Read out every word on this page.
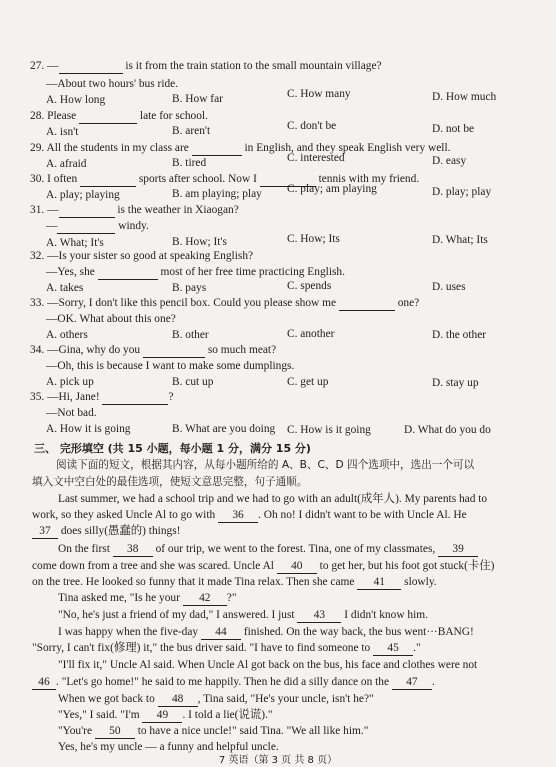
27. —	is it from the train station to the small mountain village?
—About two hours' bus ride.
A. How long	B. How far	C. How many	D. How much
28. Please	late for school.
A. isn't	B. aren't	C. don't be	D. not be
29. All the students in my class are	in English, and they speak English very well.
A. afraid	B. tired	C. interested	D. easy
30. I often	sports after school. Now I	tennis with my friend.
A. play; playing	B. am playing; play C. play; am playing	D. play; play
31. —	is the weather in Xiaogan?
—	windy.
A. What; It's	B. How; It's	C. How; Its	D. What; Its
32. —Is your sister so good at speaking English?
—Yes, she	most of her free time practicing English.
A. takes	B. pays	C. spends	D. uses
33. —Sorry, I don't like this pencil box. Could you please show me	one?
—OK. What about this one?
A. others	B. other	C. another	D. the other
34. —Gina, why do you	so much meat?
—Oh, this is because I want to make some dumplings.
A. pick up	B. cut up	C. get up	D. stay up
35. —Hi, Jane!	?
—Not bad.
A. How it is going	B. What are you doing C. How is it going	D. What do you do
三、 完形填空 (共 15 小题，每小题 1 分，满分 15 分)
阅读下面的短文，根据其内容，从每小题所给的 A、B、C、D 四个选项中，选出一个可以
填入文中空白处的最佳选项，使短文意思完整，句子通顺。
Last summer, we had a school trip and we had to go with an adult(成年人). My parents had to
work, so they asked Uncle Al to go with 36 . Oh no! I didn't want to be with Uncle Al. He
37 does silly(愚蠢的) things!
On the first 38 of our trip, we went to the forest. Tina, one of my classmates, 39
come down from a tree and she was scared. Uncle Al 40 to get her, but his foot got stuck(卡住)
on the tree. He looked so funny that it made Tina relax. Then she came 41 slowly.
Tina asked me, "Is he your 42 ?"
"No, he's just a friend of my dad," I answered. I just 43 I didn't know him.
I was happy when the five-day 44 finished. On the way back, the bus went···BANG!
"Sorry, I can't fix(修理) it," the bus driver said. "I have to find someone to 45 ."
"I'll fix it," Uncle Al said. When Uncle Al got back on the bus, his face and clothes were not
46 . "Let's go home!" he said to me happily. Then he did a silly dance on the 47 .
When we got back to 48 , Tina said, "He's your uncle, isn't he?"
"Yes," I said. "I'm 49 . I told a lie(说谎)."
"You're 50 to have a nice uncle!" said Tina. "We all like him."
Yes, he's my uncle — a funny and helpful uncle.
7 英语（第 3 页 共 8 页）
